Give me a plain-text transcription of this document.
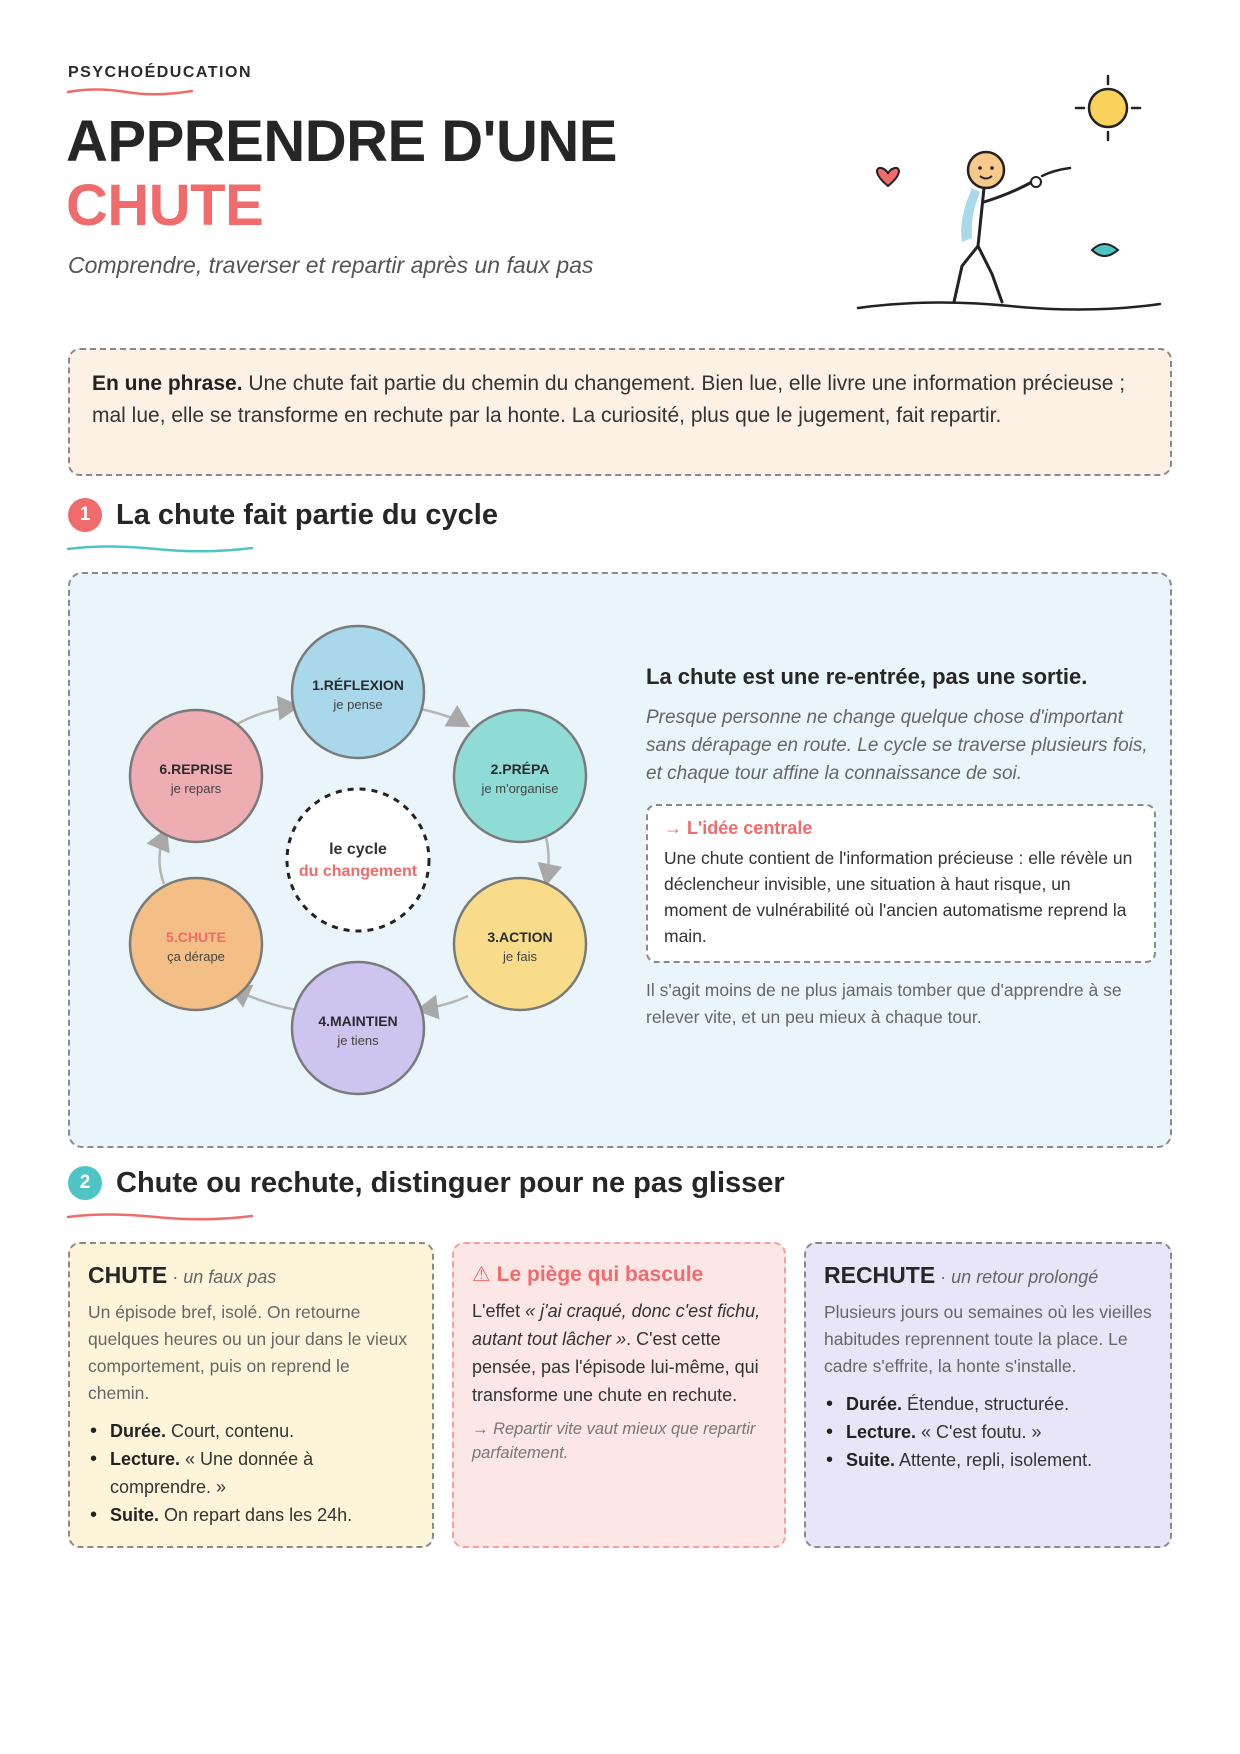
PSYCHOÉDUCATION
APPRENDRE D'UNE
CHUTE
Comprendre, traverser et repartir après un faux pas
En une phrase. Une chute fait partie du chemin du changement. Bien lue, elle livre une information précieuse ; mal lue, elle se transforme en rechute par la honte. La curiosité, plus que le jugement, fait repartir.
1 La chute fait partie du cycle
le cycle
du changement
1.RÉFLEXION
je pense
2.PRÉPA
je m'organise
3.ACTION
je fais
4.MAINTIEN
je tiens
5.CHUTE
ça dérape
6.REPRISE
je repars
La chute est une re-entrée, pas une sortie.
Presque personne ne change quelque chose d'important sans dérapage en route. Le cycle se traverse plusieurs fois, et chaque tour affine la connaissance de soi.
→ L'idée centrale
Une chute contient de l'information précieuse : elle révèle un déclencheur invisible, une situation à haut risque, un moment de vulnérabilité où l'ancien automatisme reprend la main.
Il s'agit moins de ne plus jamais tomber que d'apprendre à se relever vite, et un peu mieux à chaque tour.
2 Chute ou rechute, distinguer pour ne pas glisser
CHUTE · un faux pas
Un épisode bref, isolé. On retourne quelques heures ou un jour dans le vieux comportement, puis on reprend le chemin.
• Durée. Court, contenu.
• Lecture. « Une donnée à comprendre. »
• Suite. On repart dans les 24h.
⚠ Le piège qui bascule
L'effet « j'ai craqué, donc c'est fichu, autant tout lâcher ». C'est cette pensée, pas l'épisode lui-même, qui transforme une chute en rechute.
→ Repartir vite vaut mieux que repartir parfaitement.
RECHUTE · un retour prolongé
Plusieurs jours ou semaines où les vieilles habitudes reprennent toute la place. Le cadre s'effrite, la honte s'installe.
• Durée. Étendue, structurée.
• Lecture. « C'est foutu. »
• Suite. Attente, repli, isolement.
